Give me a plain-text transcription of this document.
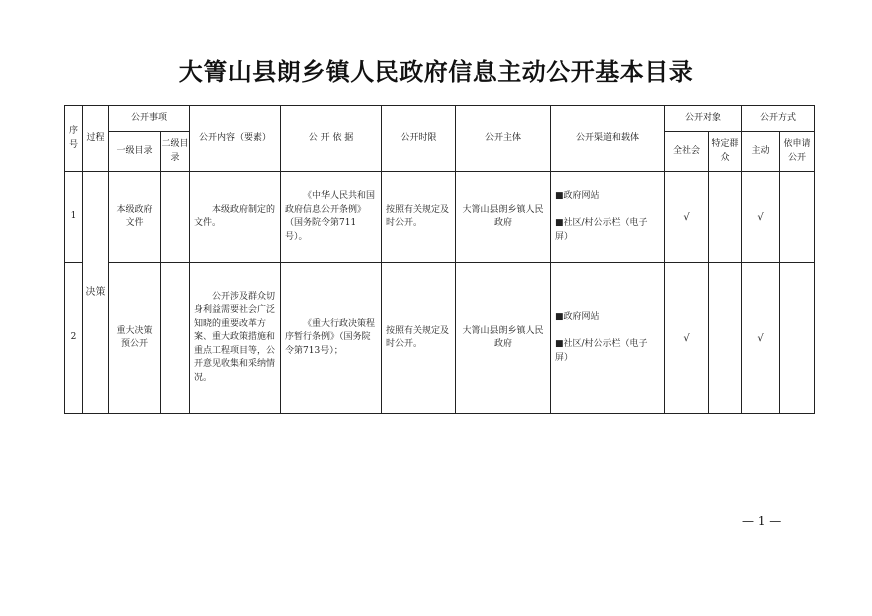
大箐山县朗乡镇人民政府信息主动公开基本目录
序号	过程	公开事项		公开内容（要素）	公 开 依 据	公开时限	公开主体	公开渠道和载体	公开对象		公开方式	
		一级目录	二级目录						全社会	特定群众	主动	依申请公开
1	决策	本级政府文件		本级政府制定的文件。	《中华人民共和国政府信息公开条例》（国务院令第711号）。	按照有关规定及时公开。	大箐山县朗乡镇人民政府	■政府网站

■社区/村公示栏（电子屏）	√		√	
2		重大决策预公开		公开涉及群众切身利益需要社会广泛知晓的重要改革方案、重大政策措施和重点工程项目等，公开意见收集和采纳情况。	《重大行政决策程序暂行条例》（国务院令第713号）；	按照有关规定及时公开。	大箐山县朗乡镇人民政府	■政府网站

■社区/村公示栏（电子屏）	√		√	
— 1 —
